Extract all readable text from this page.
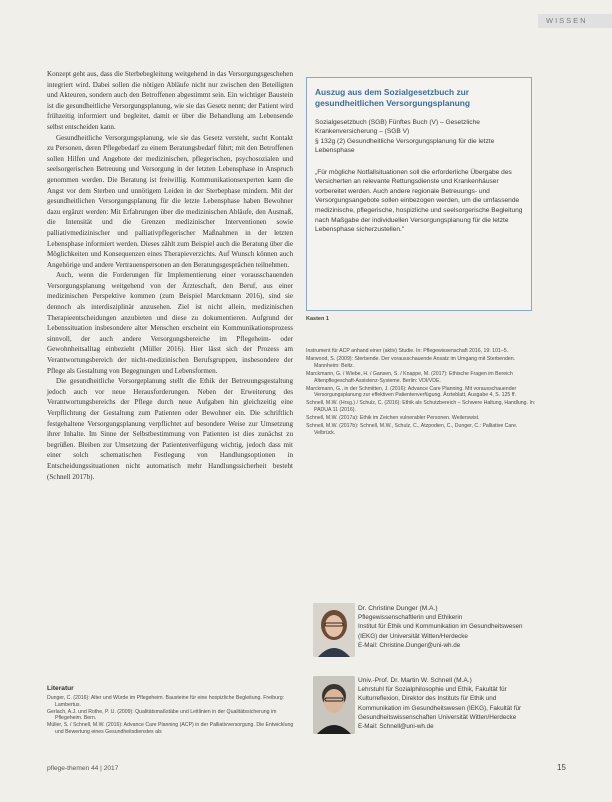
WISSEN

Konzept geht aus, dass die Sterbebegleitung weitgehend in das Versorgungsgeschehen integriert wird. Dabei sollen die nötigen Abläufe nicht nur zwischen den Beteiligten und Akteuren, sondern auch den Betroffenen abgestimmt sein. Ein wichtiger Baustein ist die gesundheitliche Versorgungsplanung, wie sie das Gesetz nennt; der Patient wird frühzeitig informiert und begleitet, damit er über die Behandlung am Lebensende selbst entscheiden kann.

Gesundheitliche Versorgungsplanung, wie sie das Gesetz versteht, sucht Kontakt zu Personen, deren Pflegebedarf zu einem Beratungsbedarf führt; mit den Betroffenen sollen Hilfen und Angebote der medizinischen, pflegerischen, psychosozialen und seelsorgerischen Betreuung und Versorgung in der letzten Lebensphase in Anspruch genommen werden. Die Beratung ist freiwillig. Kommunikationsexperten kann die Angst vor dem Sterben und unnötigem Leiden in der Sterbephase mindern. Mit der gesundheitlichen Versorgungsplanung für die letzte Lebensphase haben Bewohner dazu ergänzt werden: Mit Erfahrungen über die medizinischen Abläufe, den Ausmaß, die Intensität und die Grenzen medizinischer Interventionen sowie palliativmedizinischer und palliativpflegerischer Maßnahmen in der letzten Lebensphase informiert werden. Dieses zählt zum Beispiel auch die Beratung über die Möglichkeiten und Konsequenzen eines Therapieverzichts. Auf Wunsch können auch Angehörige und andere Vertrauenspersonen an den Beratungsgesprächen teilnehmen.

Auch, wenn die Forderungen für Implementierung einer vorausschauenden Versorgungsplanung weitgehend von der Ärzteschaft, den Beruf, aus einer medizinischen Perspektive kommen (zum Beispiel Marckmann 2016), sind sie dennoch als interdisziplinär anzusehen. Ziel ist nicht allein, medizinischen Therapieentscheidungen anzubieten und diese zu dokumentieren. Aufgrund der Lebenssituation insbesondere alter Menschen erscheint ein Kommunikationsprozess sinnvoll, der auch andere Versorgungsbereiche im Pflegeheim- oder Gewohnheitsalltag einbezieht (Müller 2016). Hier lässt sich der Prozess am Verantwortungsbereich der nicht-medizinischen Berufsgruppen, insbesondere der Pflege als Gestaltung von Begegnungen und Lebensformen.

Die gesundheitliche Vorsorgeplanung stellt die Ethik der Betreuungsgestaltung jedoch auch vor neue Herausforderungen. Neben der Erweiterung des Verantwortungsbereichs der Pflege durch neue Aufgaben hin gleichzeitig eine Verpflichtung der Gestaltung zum Patienten oder Bewohner ein. Die schriftlich festgehaltene Versorgungsplanung verpflichtet auf besondere Weise zur Umsetzung ihrer Inhalte. Im Sinne der Selbstbestimmung von Patienten ist dies zunächst zu begrüßen. Bleiben zur Umsetzung der Patientenverfügung wichtig, jedoch dass mit einer solch schematischen Festlegung von Handlungsoptionen in Entscheidungssituationen nicht automatisch mehr Handlungssicherheit besteht (Schnell 2017b).

Auszug aus dem Sozialgesetzbuch zur gesundheitlichen Versorgungsplanung

Sozialgesetzbuch (SGB) Fünftes Buch (V) – Gesetzliche Krankenversicherung – (SGB V)

§ 132g (2) Gesundheitliche Versorgungsplanung für die letzte Lebensphase

„Für mögliche Notfallsituationen soll die erforderliche Übergabe des Versicherten an relevante Rettungsdienste und Krankenhäuser vorbereitet werden. Auch andere regionale Betreuungs- und Versorgungsangebote sollen einbezogen werden, um die umfassende medizinische, pflegerische, hospizliche und seelsorgerische Begleitung nach Maßgabe der individuellen Versorgungsplanung für die letzte Lebensphase sicherzustellen."

Kasten 1
Instrument für ACP anhand einer (aktiv) Studie. In: Pflegewissenschaft 2016, 19: 101–5.
Marwood, S. (2009): Sterbende. Der vorausschauende Ansatz im Umgang mit Sterbenden. Mannheim: Beltz.
Marckmann, G. / Wiebe, H. / Gansen, S. / Knappe, M. (2017): Ethische Fragen im Bereich Altenpflegeschaft-Assistenz-Systeme. Berlin: VDI/VDE.
Marckmann, G., in der Schmitten, J. (2016): Advance Care Planning. Mit vorausschauender Versorgungsplanung zur effektiven Patientenverfügung. Ärzteblatt, Ausgabe 4, S. 125 ff.
Schnell, M.W. (Hrsg.) / Schulz, C. (2016): Ethik als Schutzbereich – Schwere Haltung, Handlung. In: PADUA 11 (2016).
Schnell, M.W. (2017a): Ethik im Zeichen vulnerabler Personen. Weilerswist.
Schnell, M.W. (2017b): Schnell, M.W., Schulz, C., Atzpodien, C., Dunger, C.: Palliative Care. Velbrück.
Dr. Christine Dunger (M.A.)
Pflegewissenschaftlerin und Ethikerin
Institut für Ethik und Kommunikation im Gesundheitswesen (IEKG) der Universität Witten/Herdecke
E-Mail: Christine.Dunger@uni-wh.de
Univ.-Prof. Dr. Martin W. Schnell (M.A.)
Lehrstuhl für Sozialphilosophie und Ethik, Fakultät für Kulturreflexion, Direktor des Instituts für Ethik und Kommunikation im Gesundheitswesen (IEKG), Fakultät für Gesundheitswissenschaften Universität Witten/Herdecke
E-Mail: Schnell@uni-wh.de
Literatur
Dunger, C. (2016): Alter und Würde im Pflegeheim. Bausteine für eine hospizliche Begleitung. Freiburg: Lambertus.
Gerlach, A.J. und Rothe, P. U. (2009): Qualitätsmaßstäbe und Leitlinien in der Qualitätssicherung im Pflegeheim. Bern.
Müller, S. / Schnell, M.W. (2016): Advance Care Planning (ACP) in der Palliativversorgung. Die Entwicklung und Bewertung eines Gesundheitsdienstes als
pflege-themen 44 | 2017	15
